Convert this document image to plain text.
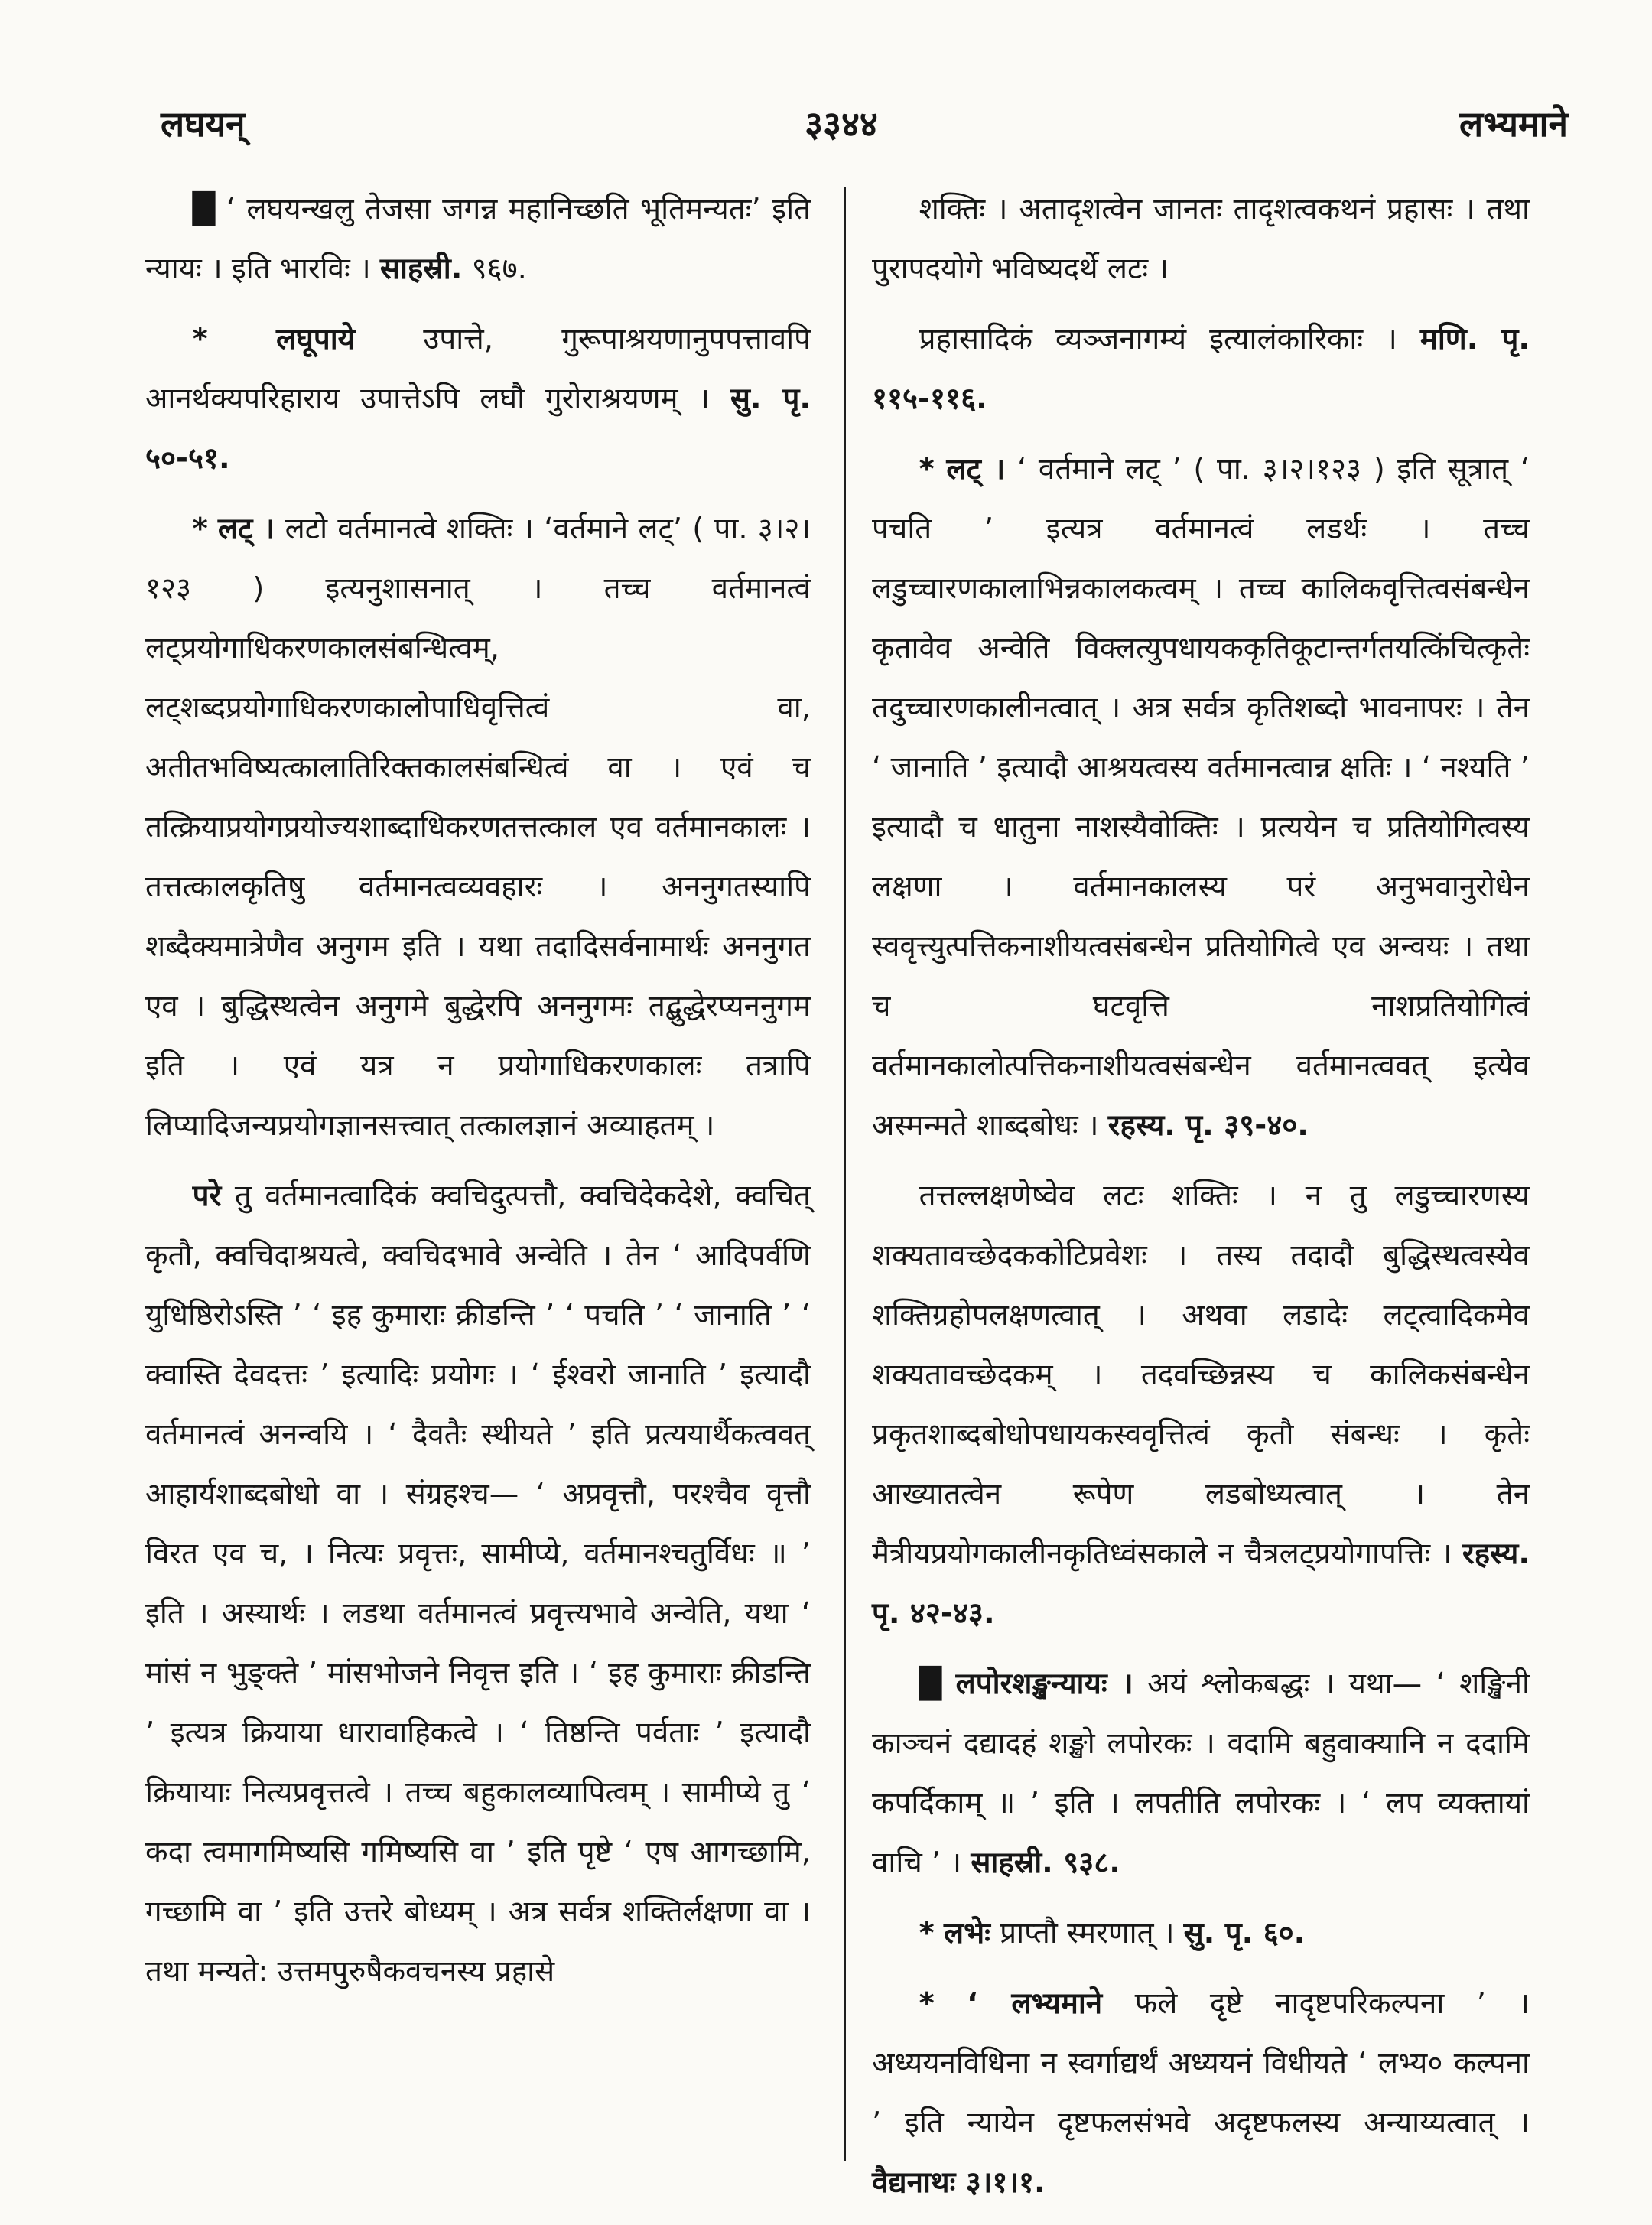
लघयन्	३३४४	लभ्यमाने

█ ‘ लघयन्खलु तेजसा जगन्न महानिच्छति भूतिमन्यतः’ इति न्यायः । इति भारविः । साहस्री. ९६७.

* लघूपाये उपात्ते, गुरूपाश्रयणानुपपत्तावपि आनर्थक्यपरिहाराय उपात्तेऽपि लघौ गुरोराश्रयणम् । सु. पृ. ५०-५१.

* लट् । लटो वर्तमानत्वे शक्तिः । ‘वर्तमाने लट्’ ( पा. ३।२।१२३ ) इत्यनुशासनात् । तच्च वर्तमानत्वं लट्प्रयोगाधिकरणकालसंबन्धित्वम्, लट्शब्दप्रयोगाधिकरणकालोपाधिवृत्तित्वं वा, अतीतभविष्यत्कालातिरिक्तकालसंबन्धित्वं वा । एवं च तत्क्रियाप्रयोगप्रयोज्यशाब्दाधिकरणतत्तत्काल एव वर्तमानकालः । तत्तत्कालकृतिषु वर्तमानत्वव्यवहारः । अननुगतस्यापि शब्दैक्यमात्रेणैव अनुगम इति । यथा तदादिसर्वनामार्थः अननुगत एव । बुद्धिस्थत्वेन अनुगमे बुद्धेरपि अननुगमः तद्बुद्धेरप्यननुगम इति । एवं यत्र न प्रयोगाधिकरणकालः तत्रापि लिप्यादिजन्यप्रयोगज्ञानसत्त्वात् तत्कालज्ञानं अव्याहतम् ।

परे तु वर्तमानत्वादिकं क्वचिदुत्पत्तौ, क्वचिदेकदेशे, क्वचित् कृतौ, क्वचिदाश्रयत्वे, क्वचिदभावे अन्वेति । तेन ‘ आदिपर्वणि युधिष्ठिरोऽस्ति ’ ‘ इह कुमाराः क्रीडन्ति ’ ‘ पचति ’ ‘ जानाति ’ ‘ क्वास्ति देवदत्तः ’ इत्यादिः प्रयोगः । ‘ ईश्वरो जानाति ’ इत्यादौ वर्तमानत्वं अनन्वयि । ‘ दैवतैः स्थीयते ’ इति प्रत्ययार्थैकत्ववत् आहार्यशाब्दबोधो वा । संग्रहश्च— ‘ अप्रवृत्तौ, परश्चैव वृत्तौ विरत एव च, । नित्यः प्रवृत्तः, सामीप्ये, वर्तमानश्चतुर्विधः ॥ ’ इति । अस्यार्थः । लडथा वर्तमानत्वं प्रवृत्त्यभावे अन्वेति, यथा ‘ मांसं न भुङ्क्ते ’ मांसभोजने निवृत्त इति । ‘ इह कुमाराः क्रीडन्ति ’ इत्यत्र क्रियाया धारावाहिकत्वे । ‘ तिष्ठन्ति पर्वताः ’ इत्यादौ क्रियायाः नित्यप्रवृत्तत्वे । तच्च बहुकालव्यापित्वम् । सामीप्ये तु ‘ कदा त्वमागमिष्यसि गमिष्यसि वा ’ इति पृष्टे ‘ एष आगच्छामि, गच्छामि वा ’ इति उत्तरे बोध्यम् । अत्र सर्वत्र शक्तिर्लक्षणा वा । तथा मन्यते: उत्तमपुरुषैकवचनस्य प्रहासे

शक्तिः । अतादृशत्वेन जानतः तादृशत्वकथनं प्रहासः । तथा पुरापदयोगे भविष्यदर्थे लटः ।

प्रहासादिकं व्यञ्जनागम्यं इत्यालंकारिकाः । मणि. पृ. ११५-११६.

* लट् । ‘ वर्तमाने लट् ’ ( पा. ३।२।१२३ ) इति सूत्रात् ‘ पचति ’ इत्यत्र वर्तमानत्वं लडर्थः । तच्च लडुच्चारणकालाभिन्नकालकत्वम् । तच्च कालिकवृत्तित्वसंबन्धेन कृतावेव अन्वेति विक्लत्युपधायककृतिकूटान्तर्गतयत्किंचित्कृतेः तदुच्चारणकालीनत्वात् । अत्र सर्वत्र कृतिशब्दो भावनापरः । तेन ‘ जानाति ’ इत्यादौ आश्रयत्वस्य वर्तमानत्वान्न क्षतिः । ‘ नश्यति ’ इत्यादौ च धातुना नाशस्यैवोक्तिः । प्रत्ययेन च प्रतियोगित्वस्य लक्षणा । वर्तमानकालस्य परं अनुभवानुरोधेन स्ववृत्त्युत्पत्तिकनाशीयत्वसंबन्धेन प्रतियोगित्वे एव अन्वयः । तथा च घटवृत्ति नाशप्रतियोगित्वं वर्तमानकालोत्पत्तिकनाशीयत्वसंबन्धेन वर्तमानत्ववत् इत्येव अस्मन्मते शाब्दबोधः । रहस्य. पृ. ३९-४०.

तत्तल्लक्षणेष्वेव लटः शक्तिः । न तु लडुच्चारणस्य शक्यतावच्छेदककोटिप्रवेशः । तस्य तदादौ बुद्धिस्थत्वस्येव शक्तिग्रहोपलक्षणत्वात् । अथवा लडादेः लट्त्वादिकमेव शक्यतावच्छेदकम् । तदवच्छिन्नस्य च कालिकसंबन्धेन प्रकृतशाब्दबोधोपधायकस्ववृत्तित्वं कृतौ संबन्धः । कृतेः आख्यातत्वेन रूपेण लडबोध्यत्वात् । तेन मैत्रीयप्रयोगकालीनकृतिध्वंसकाले न चैत्रलट्प्रयोगापत्तिः । रहस्य. पृ. ४२-४३.

█ लपोरशङ्खन्यायः । अयं श्लोकबद्धः । यथा— ‘ शङ्खिनी काञ्चनं दद्यादहं शङ्खो लपोरकः । वदामि बहुवाक्यानि न ददामि कपर्दिकाम् ॥ ’ इति । लपतीति लपोरकः । ‘ लप व्यक्तायां वाचि ’ । साहस्री. ९३८.

* लभेः प्राप्तौ स्मरणात् । सु. पृ. ६०.

* ‘ लभ्यमाने फले दृष्टे नादृष्टपरिकल्पना ’ । अध्ययनविधिना न स्वर्गाद्यर्थं अध्ययनं विधीयते ‘ लभ्य० कल्पना ’ इति न्यायेन दृष्टफलसंभवे अदृष्टफलस्य अन्याय्यत्वात् । वैद्यनाथः ३।१।१.
